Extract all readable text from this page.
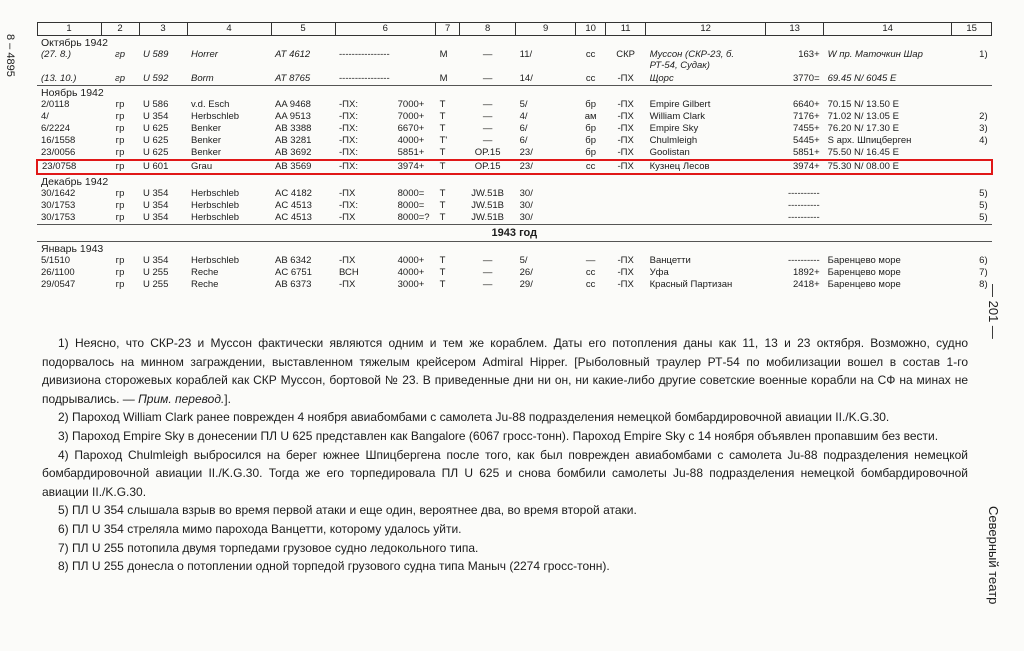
8 – 4895
— 201 —
Северный театр
1	2	3	4	5	6		7	8	9	10	11	12	13	14	15
Октябрь 1942															
(27. 8.)	гр	U 589	Horrer	AT 4612	----------------		M	—	11/	сс	СКР	Муссон (СКР-23, б. РТ-54, Судак)	163+	W пр. Маточкин Шар	1)
(13. 10.)	гр	U 592	Borm	AT 8765	----------------		M	—	14/	сс	-ПХ	Щорс	3770=	69.45 N/ 6045 E	
Ноябрь 1942															
2/0118	гр	U 586	v.d. Esch	AA 9468	-ПХ:	7000+	T	—	5/	бр	-ПХ	Empire Gilbert	6640+	70.15 N/ 13.50 E	
4/	гр	U 354	Herbschleb	AA 9513	-ПХ:	7000+	T	—	4/	ам	-ПХ	William Clark	7176+	71.02 N/ 13.05 E	2)
6/2224	гр	U 625	Benker	AB 3388	-ПХ:	6670+	T	—	6/	бр	-ПХ	Empire Sky	7455+	76.20 N/ 17.30 E	3)
16/1558	гр	U 625	Benker	AB 3281	-ПХ:	4000+	T'	—	6/	бр	-ПХ	Chulmleigh	5445+	S арх. Шпицберген	4)
23/0056	гр	U 625	Benker	AB 3692	-ПХ:	5851+	T	OP.15	23/	бр	-ПХ	Goolistan	5851+	75.50 N/ 16.45 E	
23/0758	гр	U 601	Grau	AB 3569	-ПХ:	3974+	T	OP.15	23/	сс	-ПХ	Кузнец Лесов	3974+	75.30 N/ 08.00 E	
Декабрь 1942															
30/1642	гр	U 354	Herbschleb	AC 4182	-ПХ	8000=	T	JW.51B	30/				----------		5)
30/1753	гр	U 354	Herbschleb	AC 4513	-ПХ:	8000=	T	JW.51B	30/				----------		5)
30/1753	гр	U 354	Herbschleb	AC 4513	-ПХ	8000=?	T	JW.51B	30/				----------		5)
1943 год															
Январь 1943															
5/1510	гр	U 354	Herbschleb	AB 6342	-ПХ	4000+	T	—	5/	—	-ПХ	Ванцетти	----------	Баренцево море	6)
26/1100	гр	U 255	Reche	AC 6751	ВСН	4000+	T	—	26/	сс	-ПХ	Уфа	1892+	Баренцево море	7)
29/0547	гр	U 255	Reche	AB 6373	-ПХ	3000+	T	—	29/	сс	-ПХ	Красный Партизан	2418+	Баренцево море	8)

1) Неясно, что СКР-23 и Муссон фактически являются одним и тем же кораблем. Даты его потопления даны как 11, 13 и 23 октября. Возможно, судно подорвалось на минном заграждении, выставленном тяжелым крейсером Admiral Hipper. [Рыболовный траулер РТ-54 по мобилизации вошел в состав 1-го дивизиона сторожевых кораблей как СКР Муссон, бортовой № 23. В приведенные дни ни он, ни какие-либо другие советские военные корабли на СФ на минах не подрывались. — Прим. перевод.].

2) Пароход William Clark ранее поврежден 4 ноября авиабомбами с самолета Ju-88 подразделения немецкой бомбардировочной авиации II./K.G.30.

3) Пароход Empire Sky в донесении ПЛ U 625 представлен как Bangalore (6067 гросс-тонн). Пароход Empire Sky с 14 ноября объявлен пропавшим без вести.

4) Пароход Chulmleigh выбросился на берег южнее Шпицбергена после того, как был поврежден авиабомбами с самолета Ju-88 подразделения немецкой бомбардировочной авиации II./K.G.30. Тогда же его торпедировала ПЛ U 625 и снова бомбили самолеты Ju-88 подразделения немецкой бомбардировочной авиации II./K.G.30.

5) ПЛ U 354 слышала взрыв во время первой атаки и еще один, вероятнее два, во время второй атаки.

6) ПЛ U 354 стреляла мимо парохода Ванцетти, которому удалось уйти.

7) ПЛ U 255 потопила двумя торпедами грузовое судно ледокольного типа.

8) ПЛ U 255 донесла о потоплении одной торпедой грузового судна типа Маныч (2274 гросс-тонн).
